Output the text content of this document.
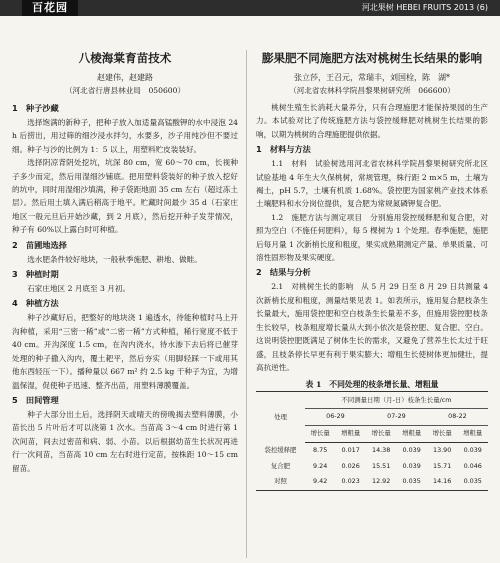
百花园	河北果树 HEBEI FRUITS 2013 (6)
八棱海棠育苗技术
赵建伟，赵建路
（河北省行唐县林业局　050600）
1　种子沙藏

选择饱满的新种子，把种子放入加适量高锰酸钾的水中浸泡 24 h 后捞出，用过筛的细沙浸水拌匀，水要多，沙子用纯沙但不要过细。种子与沙的比例为 1：5 以上，用塑料贮皮装装好。

选择阴凉背阴处挖坑，坑深 80 cm，宽 60～70 cm，长视种子多少而定，然后用湿细沙铺底。把用塑料袋装好的种子放入挖好的坑中，同时用湿细沙填满，种子袋距地面 35 cm 左右（超过冻土层）。然后用土填入满后稍高于地平。贮藏时间最少 35 d（石家庄地区一般元旦后开始沙藏，到 2 月底），然后挖开种子发芽情况，种子有 60%以上露白时可种植。

2　苗圃地选择

选水肥条件较好地块，一般秋季施肥、耕地、做畦。

3　种植时期

石家庄地区 2 月底至 3 月初。

4　种植方法

种子沙藏好后，把整好的地块浇 1 遍透水，待能种植时马上开沟种植，采用“三密一稀”或“二密一稀”方式种植，稀行宽度不低于 40 cm。开沟深度 1.5 cm，在沟内浇水，待水渗下去后将已催芽处理的种子撒入沟内，覆土耙平，然后夯实（用脚轻踩一下或用其他东西轻压一下）。播种量以 667 m² 约 2.5 kg 干种子为宜，为增温保湿，促使种子迅速、整齐出苗，用塑料薄膜覆盖。

5　田间管理

种子大部分出土后，选择阴天或晴天的傍晚揭去塑料薄膜，小苗长出 5 片叶后才可以浇第 1 次水。当苗高 3～4 cm 时进行第 1 次间苗，间去过密苗和病、弱、小苗。以后根据幼苗生长状况再进行一次间苗，当苗高 10 cm 左右时进行定苗，按株距 10～15 cm 留苗。

膨果肥不同施肥方法对桃树生长结果的影响
张立莎，王召元，常瑞丰，刘国栓，陈　湖*
（河北省农林科学院昌黎果树研究所　066600）

桃树生殖生长消耗大量养分，只有合理施肥才能保持果园的生产力。本试验对比了传统施肥方法与袋控缓释肥对桃树生长结果的影响，以期为桃树的合理施肥提供依据。

1　材料与方法

1.1　材料　 试验树选用河北省农林科学院昌黎果树研究所北区试验基地 4 年生大久保桃树，常规管理，株行距 2 m×5 m，土壤为褐土，pH 5.7，土壤有机质 1.68%。袋控肥为国家桃产业技术体系土壤肥料和水分岗位提供，复合肥为常规氮磷钾复合肥。

1.2　施肥方法与测定项目　 分别施用袋控缓释肥和复合肥，对照为空白（不施任何肥料），每 5 棵树为 1 个处理。春季施肥，施肥后每月量 1 次新梢长度和粗度，果实成熟期测定产量、单果质量、可溶性固形物及果实硬度。

2　结果与分析

2.1　对桃树生长的影响　 从 5 月 29 日至 8 月 29 日共测量 4 次新梢长度和粗度，测量结果见表 1。如表所示，施用复合肥枝条生长量最大，施用袋控肥和空白枝条生长量差不多，但施用袋控肥枝条生长较早，枝条粗度增长量从大到小依次是袋控肥、复合肥、空白。这说明袋控肥既满足了树体生长的需求，又避免了营养生长太过于旺盛，且枝条停长早更有利于果实膨大；增粗生长使树体更加健壮，提高抗逆性。

表 1　不同处理的枝条增长量、增粗量
处理	不同测量日期（月-日）枝条生长量/cm					
	06-29		07-29		08-22	
	增长量	增粗量	增长量	增粗量	增长量	增粗量
袋控缓释肥	8.75	0.017	14.38	0.039	13.90	0.039
复合肥	9.24	0.026	15.51	0.039	15.71	0.046
对照	9.42	0.023	12.92	0.035	14.16	0.035
